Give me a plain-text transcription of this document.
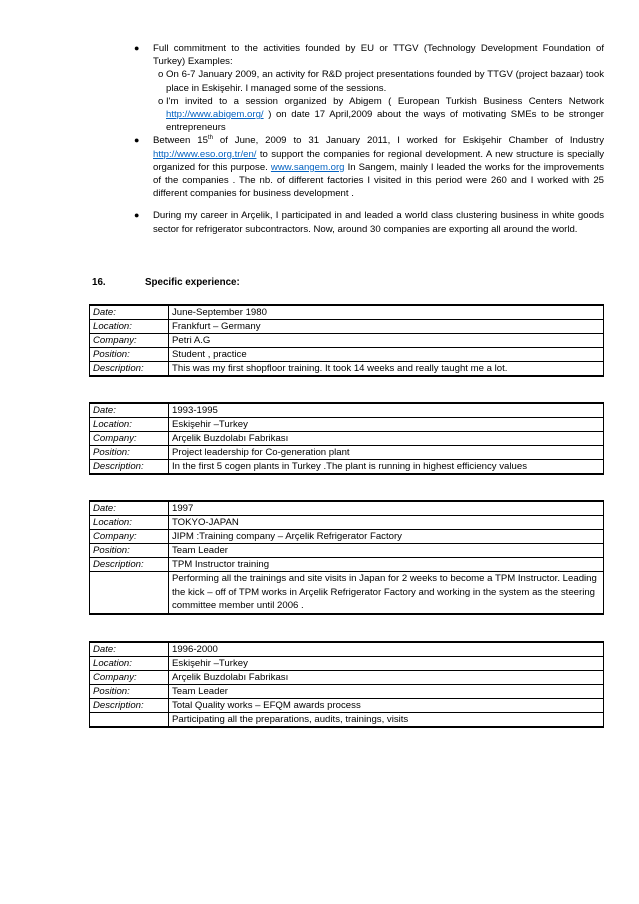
● Full commitment to the activities founded by EU or TTGV (Technology Development Foundation of Turkey) Examples:
o On 6-7 January 2009, an activity for R&D project presentations founded by TTGV (project bazaar) took place in Eskişehir. I managed some of the sessions.
o I'm invited to a session organized by Abigem ( European Turkish Business Centers Network http://www.abigem.org/ ) on date 17 April,2009 about the ways of motivating SMEs to be stronger entrepreneurs
● Between 15th of June, 2009 to 31 January 2011, I worked for Eskişehir Chamber of Industry http://www.eso.org.tr/en/ to support the companies for regional development. A new structure is specially organized for this purpose. www.sangem.org In Sangem, mainly I leaded the works for the improvements of the companies . The nb. of different factories I visited in this period were 260 and I worked with 25 different companies for business development .
● During my career in Arçelik, I participated in and leaded a world class clustering business in white goods sector for refrigerator subcontractors. Now, around 30 companies are exporting all around the world.
16.	Specific experience:
Date:	June-September 1980
Location:	Frankfurt – Germany
Company:	Petri A.G
Position:	Student , practice
Description:	This was my first shopfloor training. It took 14 weeks and really taught me a lot.
Date:	1993-1995
Location:	Eskişehir –Turkey
Company:	Arçelik Buzdolabı Fabrikası
Position:	Project leadership for Co-generation plant
Description:	In the first 5 cogen plants in Turkey .The plant is running in highest efficiency values
Date:	1997
Location:	TOKYO-JAPAN
Company:	JIPM :Training company – Arçelik Refrigerator Factory
Position:	Team Leader
Description:	TPM Instructor training
	Performing all the trainings and site visits in Japan for 2 weeks to become a TPM Instructor. Leading the kick – off of TPM works in Arçelik Refrigerator Factory and working in the system as the steering committee member until 2006 .
Date:	1996-2000
Location:	Eskişehir –Turkey
Company:	Arçelik Buzdolabı Fabrikası
Position:	Team Leader
Description:	Total Quality works – EFQM awards process
	Participating all the preparations, audits, trainings, visits
